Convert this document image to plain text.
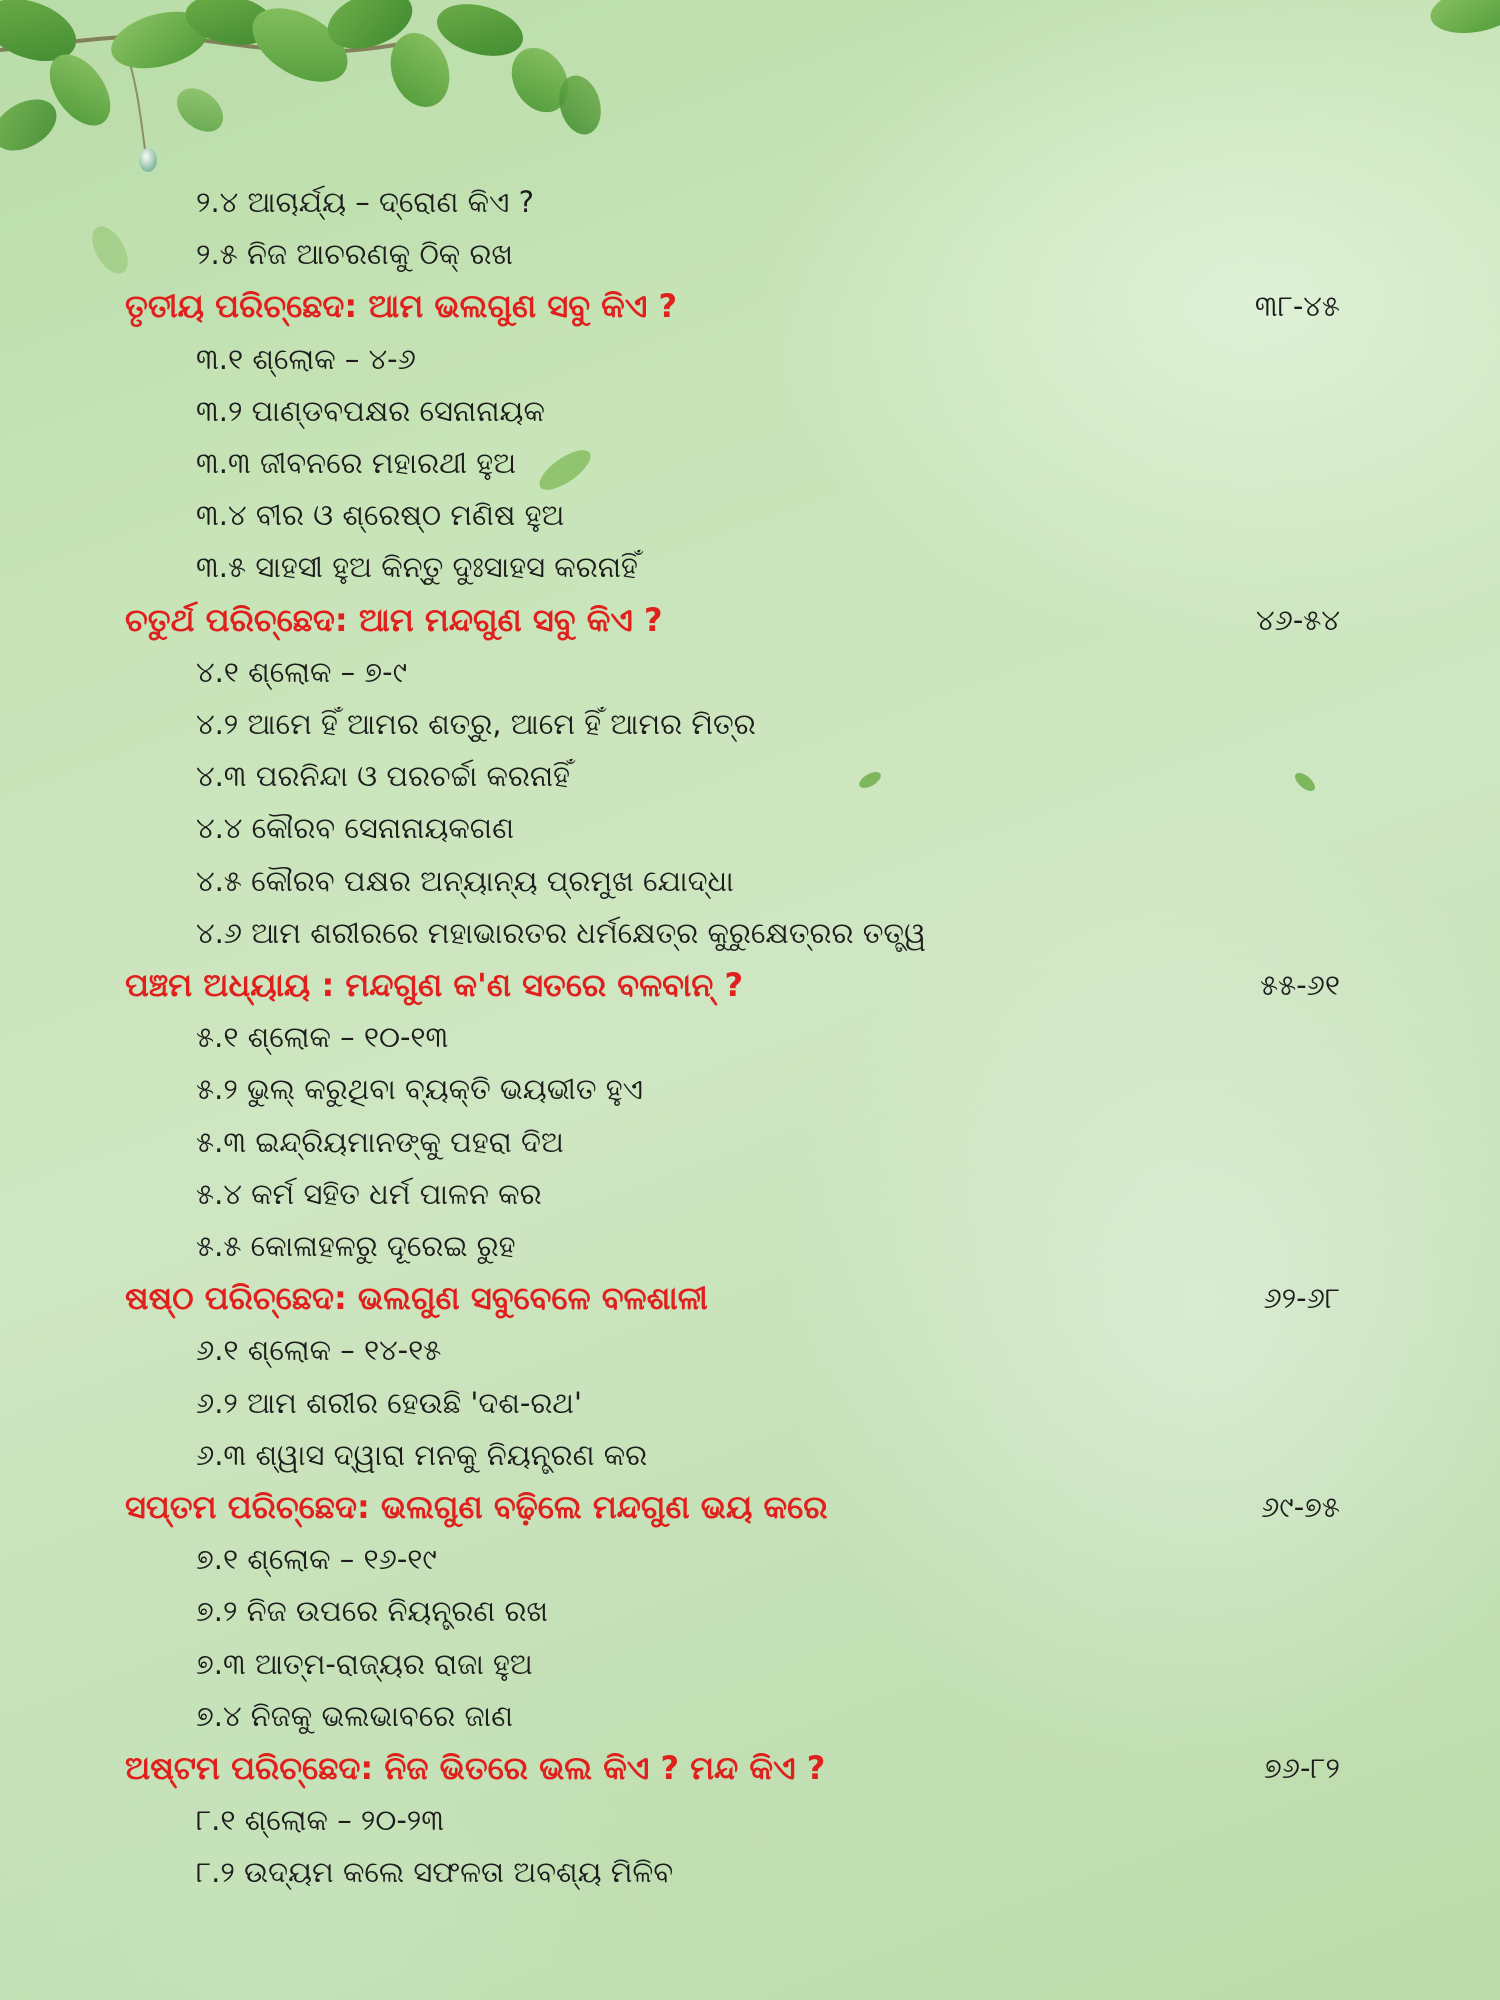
୨.୪ ଆଚାର୍ଯ୍ୟ – ଦ୍ରୋଣ କିଏ ?
୨.୫ ନିଜ ଆଚରଣକୁ ଠିକ୍ ରଖ
ତୃତୀୟ ପରିଚ୍ଛେଦ: ଆମ ଭଲଗୁଣ ସବୁ କିଏ ?	୩୮-୪୫
୩.୧ ଶ୍ଲୋକ – ୪-୬
୩.୨ ପାଣ୍ଡବପକ୍ଷର ସେନାନାୟକ
୩.୩ ଜୀବନରେ ମହାରଥୀ ହୁଅ
୩.୪ ବୀର ଓ ଶ୍ରେଷ୍ଠ ମଣିଷ ହୁଅ
୩.୫ ସାହସୀ ହୁଅ କିନ୍ତୁ ଦୁଃସାହସ କରନାହିଁ
ଚତୁର୍ଥ ପରିଚ୍ଛେଦ: ଆମ ମନ୍ଦଗୁଣ ସବୁ କିଏ ?	୪୬-୫୪
୪.୧ ଶ୍ଲୋକ – ୭-୯
୪.୨ ଆମେ ହିଁ ଆମର ଶତ୍ରୁ, ଆମେ ହିଁ ଆମର ମିତ୍ର
୪.୩ ପରନିନ୍ଦା ଓ ପରଚର୍ଚ୍ଚା କରନାହିଁ
୪.୪ କୌରବ ସେନାନାୟକଗଣ
୪.୫ କୌରବ ପକ୍ଷର ଅନ୍ୟାନ୍ୟ ପ୍ରମୁଖ ଯୋଦ୍ଧା
୪.୬ ଆମ ଶରୀରରେ ମହାଭାରତର ଧର୍ମକ୍ଷେତ୍ର କୁରୁକ୍ଷେତ୍ରର ତତ୍ତ୍ୱ
ପଞ୍ଚମ ଅଧ୍ୟାୟ : ମନ୍ଦଗୁଣ କ'ଣ ସତରେ ବଳବାନ୍ ?	୫୫-୬୧
୫.୧ ଶ୍ଲୋକ – ୧୦-୧୩
୫.୨ ଭୁଲ୍ କରୁଥିବା ବ୍ୟକ୍ତି ଭୟଭୀତ ହୁଏ
୫.୩ ଇନ୍ଦ୍ରିୟମାନଙ୍କୁ ପହରା ଦିଅ
୫.୪ କର୍ମ ସହିତ ଧର୍ମ ପାଳନ କର
୫.୫ କୋଳାହଳରୁ ଦୂରେଇ ରୁହ
ଷଷ୍ଠ ପରିଚ୍ଛେଦ: ଭଲଗୁଣ ସବୁବେଳେ ବଳଶାଳୀ	୬୨-୬୮
୬.୧ ଶ୍ଲୋକ – ୧୪-୧୫
୬.୨ ଆମ ଶରୀର ହେଉଛି 'ଦଶ-ରଥ'
୬.୩ ଶ୍ୱାସ ଦ୍ୱାରା ମନକୁ ନିୟନ୍ତ୍ରଣ କର
ସପ୍ତମ ପରିଚ୍ଛେଦ: ଭଲଗୁଣ ବଢ଼ିଲେ ମନ୍ଦଗୁଣ ଭୟ କରେ	୬୯-୭୫
୭.୧ ଶ୍ଲୋକ – ୧୬-୧୯
୭.୨ ନିଜ ଉପରେ ନିୟନ୍ତ୍ରଣ ରଖ
୭.୩ ଆତ୍ମ-ରାଜ୍ୟର ରାଜା ହୁଅ
୭.୪ ନିଜକୁ ଭଲଭାବରେ ଜାଣ
ଅଷ୍ଟମ ପରିଚ୍ଛେଦ: ନିଜ ଭିତରେ ଭଲ କିଏ ? ମନ୍ଦ କିଏ ?	୭୬-୮୨
୮.୧ ଶ୍ଲୋକ – ୨୦-୨୩
୮.୨ ଉଦ୍ୟମ କଲେ ସଫଳତା ଅବଶ୍ୟ ମିଳିବ
